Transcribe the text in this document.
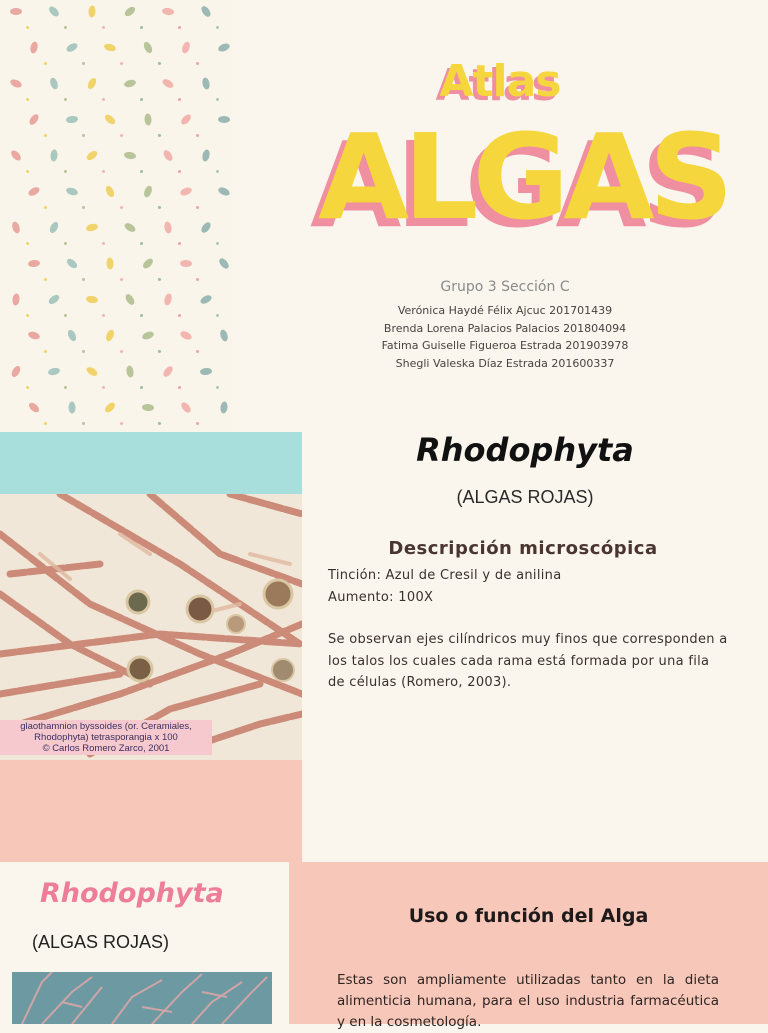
Atlas
ALGAS
Grupo 3 Sección C
Verónica Haydé Félix Ajcuc 201701439
Brenda Lorena Palacios Palacios 201804094
Fatima Guiselle Figueroa Estrada 201903978
Shegli Valeska Díaz Estrada 201600337
glaothamnion byssoides (or. Ceramiales,
Rhodophyta) tetrasporangia x 100
© Carlos Romero Zarco, 2001
Rhodophyta
(ALGAS ROJAS)
Descripción microscópica

Tinción: Azul de Cresil y de anilina

Aumento: 100X

Se observan ejes cilíndricos muy finos que corresponden a los talos los cuales cada rama está formada por una fila de células (Romero, 2003).

Rhodophyta
(ALGAS ROJAS)
Uso o función del Alga
Estas son ampliamente utilizadas tanto en la dieta alimenticia humana, para el uso industria farmacéutica y en la cosmetología.
